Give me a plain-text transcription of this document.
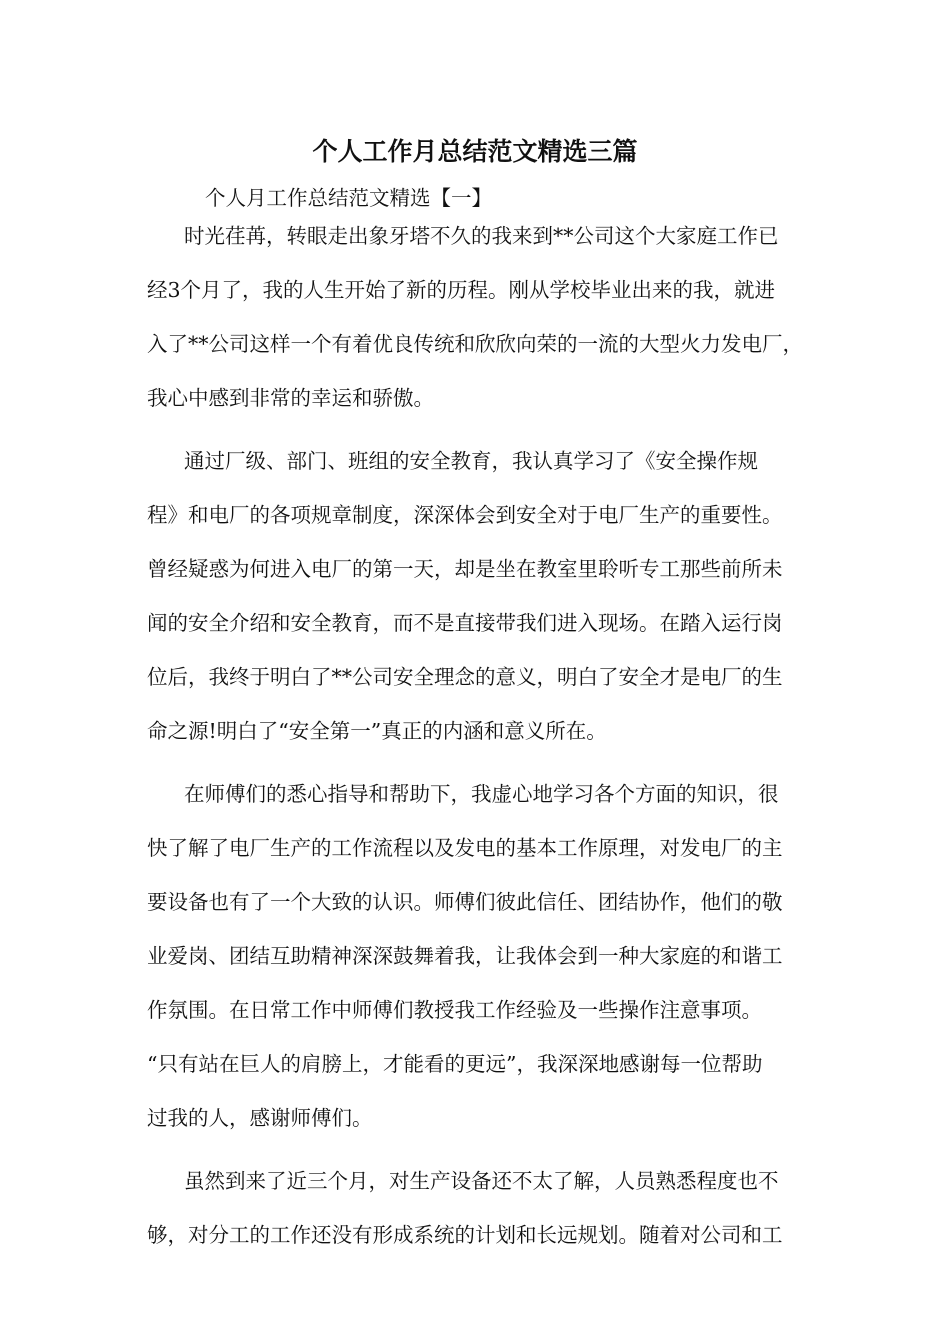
个人工作月总结范文精选三篇

个人月工作总结范文精选【一】

时光荏苒，转眼走出象牙塔不久的我来到**公司这个大家庭工作已

经3个月了，我的人生开始了新的历程。刚从学校毕业出来的我，就进

入了**公司这样一个有着优良传统和欣欣向荣的一流的大型火力发电厂，

我心中感到非常的幸运和骄傲。

通过厂级、部门、班组的安全教育，我认真学习了《安全操作规

程》和电厂的各项规章制度，深深体会到安全对于电厂生产的重要性。

曾经疑惑为何进入电厂的第一天，却是坐在教室里聆听专工那些前所未

闻的安全介绍和安全教育，而不是直接带我们进入现场。在踏入运行岗

位后，我终于明白了**公司安全理念的意义，明白了安全才是电厂的生

命之源!明白了“安全第一”真正的内涵和意义所在。

在师傅们的悉心指导和帮助下，我虚心地学习各个方面的知识，很

快了解了电厂生产的工作流程以及发电的基本工作原理，对发电厂的主

要设备也有了一个大致的认识。师傅们彼此信任、团结协作，他们的敬

业爱岗、团结互助精神深深鼓舞着我，让我体会到一种大家庭的和谐工

作氛围。在日常工作中师傅们教授我工作经验及一些操作注意事项。

“只有站在巨人的肩膀上，才能看的更远”，我深深地感谢每一位帮助

过我的人，感谢师傅们。

虽然到来了近三个月，对生产设备还不太了解，人员熟悉程度也不

够，对分工的工作还没有形成系统的计划和长远规划。随着对公司和工
